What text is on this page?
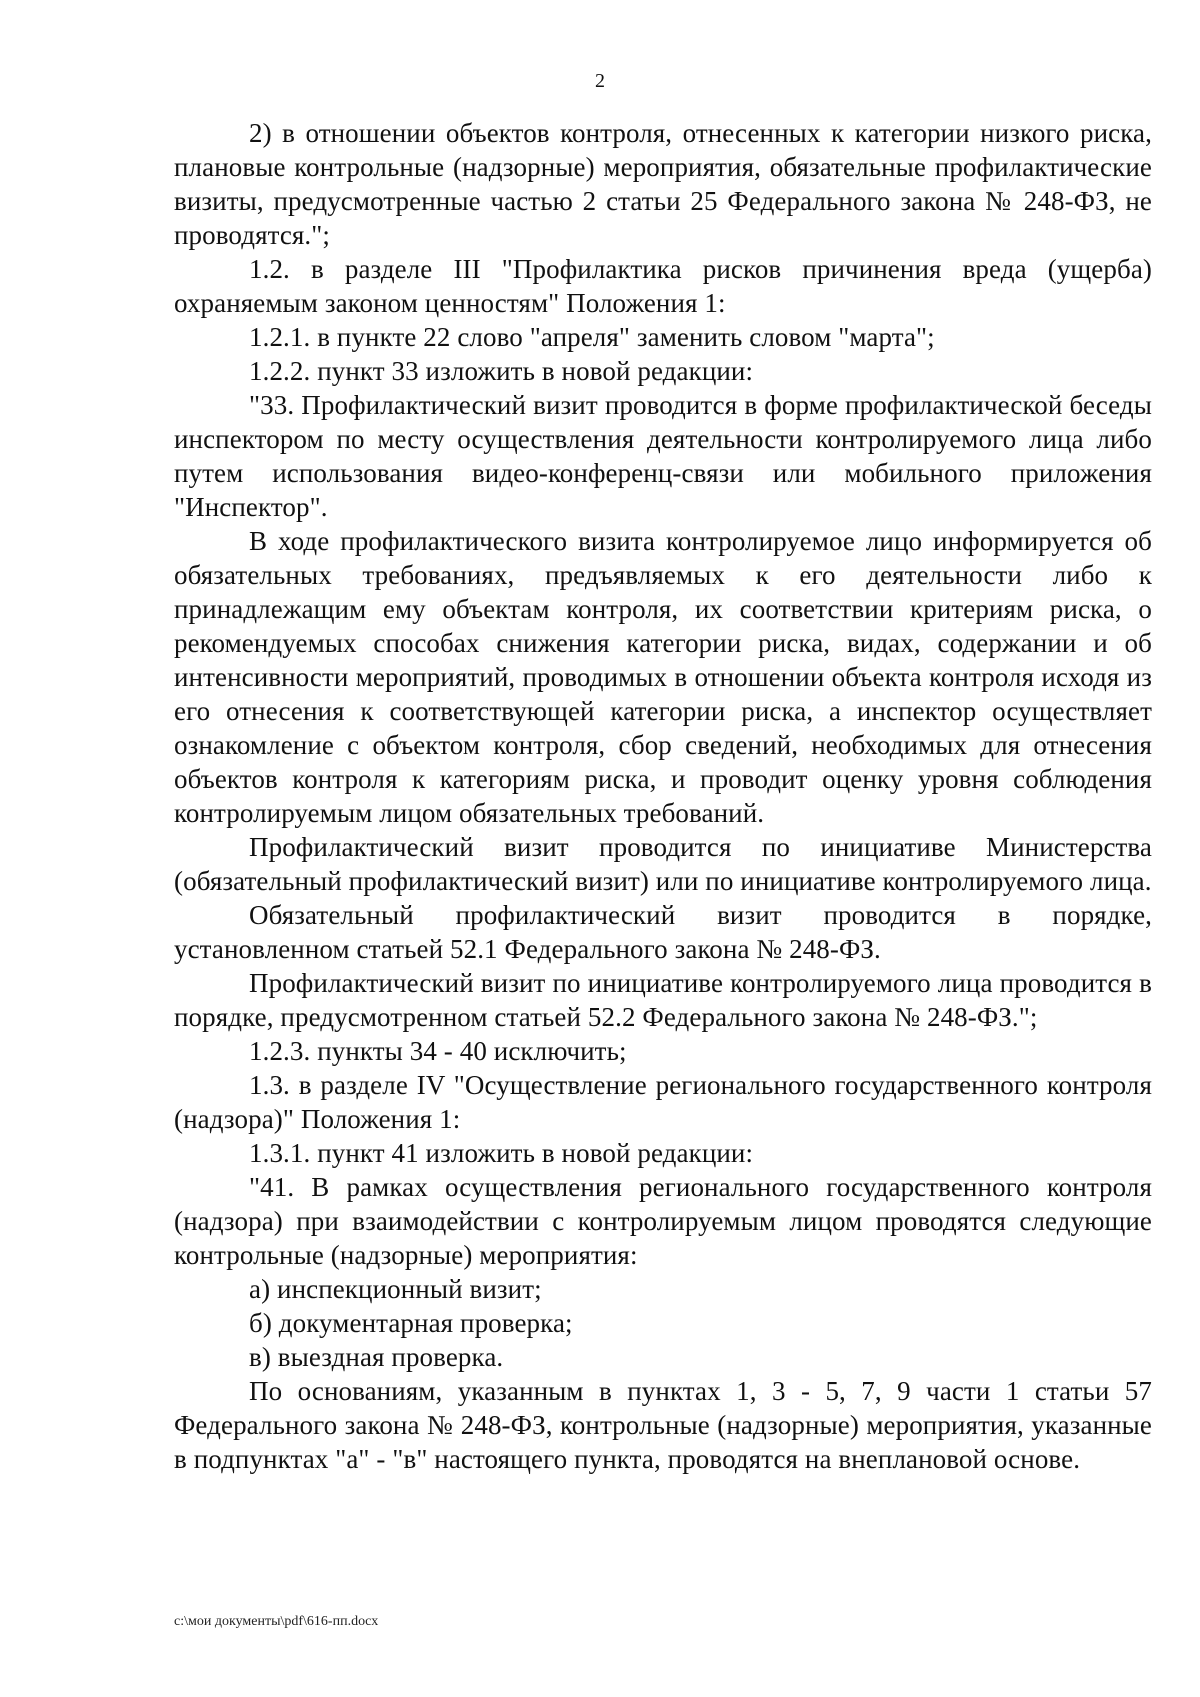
2

2) в отношении объектов контроля, отнесенных к категории низкого риска, плановые контрольные (надзорные) мероприятия, обязательные профилактические визиты, предусмотренные частью 2 статьи 25 Федерального закона № 248-ФЗ, не проводятся.";

1.2. в разделе III "Профилактика рисков причинения вреда (ущерба) охраняемым законом ценностям" Положения 1:

1.2.1. в пункте 22 слово "апреля" заменить словом "марта";

1.2.2. пункт 33 изложить в новой редакции:

"33. Профилактический визит проводится в форме профилактической беседы инспектором по месту осуществления деятельности контролируемого лица либо путем использования видео-конференц-связи или мобильного приложения "Инспектор".

В ходе профилактического визита контролируемое лицо информируется об обязательных требованиях, предъявляемых к его деятельности либо к принадлежащим ему объектам контроля, их соответствии критериям риска, о рекомендуемых способах снижения категории риска, видах, содержании и об интенсивности мероприятий, проводимых в отношении объекта контроля исходя из его отнесения к соответствующей категории риска, а инспектор осуществляет ознакомление с объектом контроля, сбор сведений, необходимых для отнесения объектов контроля к категориям риска, и проводит оценку уровня соблюдения контролируемым лицом обязательных требований.

Профилактический визит проводится по инициативе Министерства (обязательный профилактический визит) или по инициативе контролируемого лица.

Обязательный профилактический визит проводится в порядке, установленном статьей 52.1 Федерального закона № 248-ФЗ.

Профилактический визит по инициативе контролируемого лица проводится в порядке, предусмотренном статьей 52.2 Федерального закона № 248-ФЗ.";

1.2.3. пункты 34 - 40 исключить;

1.3. в разделе IV "Осуществление регионального государственного контроля (надзора)" Положения 1:

1.3.1. пункт 41 изложить в новой редакции:

"41. В рамках осуществления регионального государственного контроля (надзора) при взаимодействии с контролируемым лицом проводятся следующие контрольные (надзорные) мероприятия:

а) инспекционный визит;

б) документарная проверка;

в) выездная проверка.

По основаниям, указанным в пунктах 1, 3 - 5, 7, 9 части 1 статьи 57 Федерального закона № 248-ФЗ, контрольные (надзорные) мероприятия, указанные в подпунктах "а" - "в" настоящего пункта, проводятся на внеплановой основе.

c:\мои документы\pdf\616-пп.docx
